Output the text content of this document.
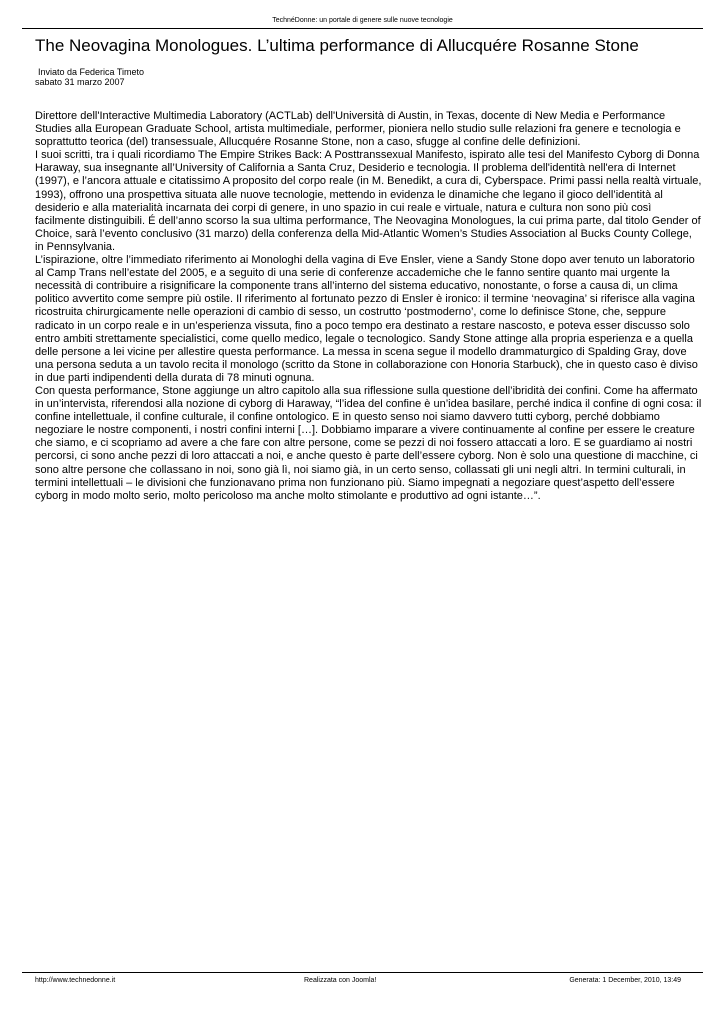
TechnéDonne: un portale di genere sulle nuove tecnologie
The Neovagina Monologues. L’ultima performance di Allucquére Rosanne Stone
Inviato da Federica Timeto
sabato 31 marzo 2007

Direttore dell'Interactive Multimedia Laboratory (ACTLab) dell'Università di Austin, in Texas, docente di New Media e Performance Studies alla European Graduate School, artista multimediale, performer, pioniera nello studio sulle relazioni fra genere e tecnologia e soprattutto teorica (del) transessuale, Allucquére Rosanne Stone, non a caso, sfugge al confine delle definizioni.

I suoi scritti, tra i quali ricordiamo The Empire Strikes Back: A Posttranssexual Manifesto, ispirato alle tesi del Manifesto Cyborg di Donna Haraway, sua insegnante all’University of California a Santa Cruz, Desiderio e tecnologia. Il problema dell'identità nell'era di Internet (1997), e l’ancora attuale e citatissimo A proposito del corpo reale (in M. Benedikt, a cura di, Cyberspace. Primi passi nella realtà virtuale, 1993), offrono una prospettiva situata alle nuove tecnologie, mettendo in evidenza le dinamiche che legano il gioco dell’identità al desiderio e alla materialità incarnata dei corpi di genere, in uno spazio in cui reale e virtuale, natura e cultura non sono più così facilmente distinguibili. É dell’anno scorso la sua ultima performance, The Neovagina Monologues, la cui prima parte, dal titolo Gender of Choice, sarà l’evento conclusivo (31 marzo) della conferenza della Mid-Atlantic Women’s Studies Association al Bucks County College, in Pennsylvania.

L’ispirazione, oltre l’immediato riferimento ai Monologhi della vagina di Eve Ensler, viene a Sandy Stone dopo aver tenuto un laboratorio al Camp Trans nell’estate del 2005, e a seguito di una serie di conferenze accademiche che le fanno sentire quanto mai urgente la necessità di contribuire a risignificare la componente trans all’interno del sistema educativo, nonostante, o forse a causa di, un clima politico avvertito come sempre più ostile. Il riferimento al fortunato pezzo di Ensler è ironico: il termine ‘neovagina’ si riferisce alla vagina ricostruita chirurgicamente nelle operazioni di cambio di sesso, un costrutto ‘postmoderno’, come lo definisce Stone, che, seppure radicato in un corpo reale e in un’esperienza vissuta, fino a poco tempo era destinato a restare nascosto, e poteva esser discusso solo entro ambiti strettamente specialistici, come quello medico, legale o tecnologico. Sandy Stone attinge alla propria esperienza e a quella delle persone a lei vicine per allestire questa performance. La messa in scena segue il modello drammaturgico di Spalding Gray, dove una persona seduta a un tavolo recita il monologo (scritto da Stone in collaborazione con Honoria Starbuck), che in questo caso è diviso in due parti indipendenti della durata di 78 minuti ognuna.

Con questa performance, Stone aggiunge un altro capitolo alla sua riflessione sulla questione dell’ibridità dei confini. Come ha affermato in un’intervista, riferendosi alla nozione di cyborg di Haraway, “l’idea del confine è un’idea basilare, perché indica il confine di ogni cosa: il confine intellettuale, il confine culturale, il confine ontologico. E in questo senso noi siamo davvero tutti cyborg, perché dobbiamo negoziare le nostre componenti, i nostri confini interni […]. Dobbiamo imparare a vivere continuamente al confine per essere le creature che siamo, e ci scopriamo ad avere a che fare con altre persone, come se pezzi di noi fossero attaccati a loro. E se guardiamo ai nostri percorsi, ci sono anche pezzi di loro attaccati a noi, e anche questo è parte dell’essere cyborg. Non è solo una questione di macchine, ci sono altre persone che collassano in noi, sono già lì, noi siamo già, in un certo senso, collassati gli uni negli altri. In termini culturali, in termini intellettuali – le divisioni che funzionavano prima non funzionano più. Siamo impegnati a negoziare quest’aspetto dell’essere cyborg in modo molto serio, molto pericoloso ma anche molto stimolante e produttivo ad ogni istante…”.

http://www.technedonne.it	Realizzata con Joomla!	Generata: 1 December, 2010, 13:49
